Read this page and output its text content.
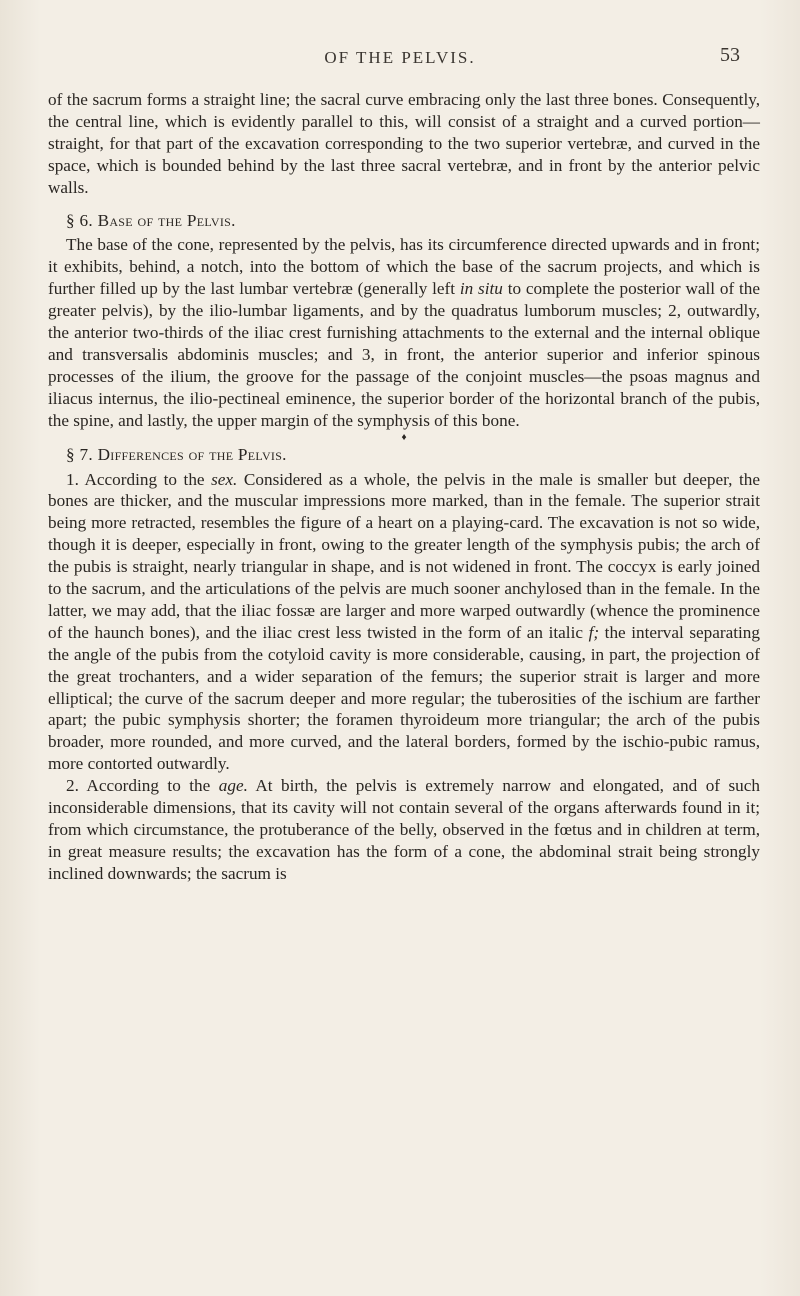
OF THE PELVIS.	53

of the sacrum forms a straight line; the sacral curve embracing only the last three bones. Consequently, the central line, which is evidently parallel to this, will consist of a straight and a curved portion—straight, for that part of the excavation corresponding to the two superior vertebræ, and curved in the space, which is bounded behind by the last three sacral vertebræ, and in front by the anterior pelvic walls.

§ 6. Base of the Pelvis.

The base of the cone, represented by the pelvis, has its circumference directed upwards and in front; it exhibits, behind, a notch, into the bottom of which the base of the sacrum projects, and which is further filled up by the last lumbar vertebræ (generally left in situ to complete the posterior wall of the greater pelvis), by the ilio-lumbar ligaments, and by the quadratus lumborum muscles; 2, outwardly, the anterior two-thirds of the iliac crest furnishing attachments to the external and the internal oblique and transversalis abdominis muscles; and 3, in front, the anterior superior and inferior spinous processes of the ilium, the groove for the passage of the conjoint muscles—the psoas magnus and iliacus internus, the ilio-pectineal eminence, the superior border of the horizontal branch of the pubis, the spine, and lastly, the upper margin of the symphysis of this bone.

♦

§ 7. Differences of the Pelvis.

1. According to the sex. Considered as a whole, the pelvis in the male is smaller but deeper, the bones are thicker, and the muscular impressions more marked, than in the female. The superior strait being more retracted, resembles the figure of a heart on a playing-card. The excavation is not so wide, though it is deeper, especially in front, owing to the greater length of the symphysis pubis; the arch of the pubis is straight, nearly triangular in shape, and is not widened in front. The coccyx is early joined to the sacrum, and the articulations of the pelvis are much sooner anchylosed than in the female. In the latter, we may add, that the iliac fossæ are larger and more warped outwardly (whence the prominence of the haunch bones), and the iliac crest less twisted in the form of an italic f; the interval separating the angle of the pubis from the cotyloid cavity is more considerable, causing, in part, the projection of the great trochanters, and a wider separation of the femurs; the superior strait is larger and more elliptical; the curve of the sacrum deeper and more regular; the tuberosities of the ischium are farther apart; the pubic symphysis shorter; the foramen thyroideum more triangular; the arch of the pubis broader, more rounded, and more curved, and the lateral borders, formed by the ischio-pubic ramus, more contorted outwardly.

2. According to the age. At birth, the pelvis is extremely narrow and elongated, and of such inconsiderable dimensions, that its cavity will not contain several of the organs afterwards found in it; from which circumstance, the protuberance of the belly, observed in the fœtus and in children at term, in great measure results; the excavation has the form of a cone, the abdominal strait being strongly inclined downwards; the sacrum is
